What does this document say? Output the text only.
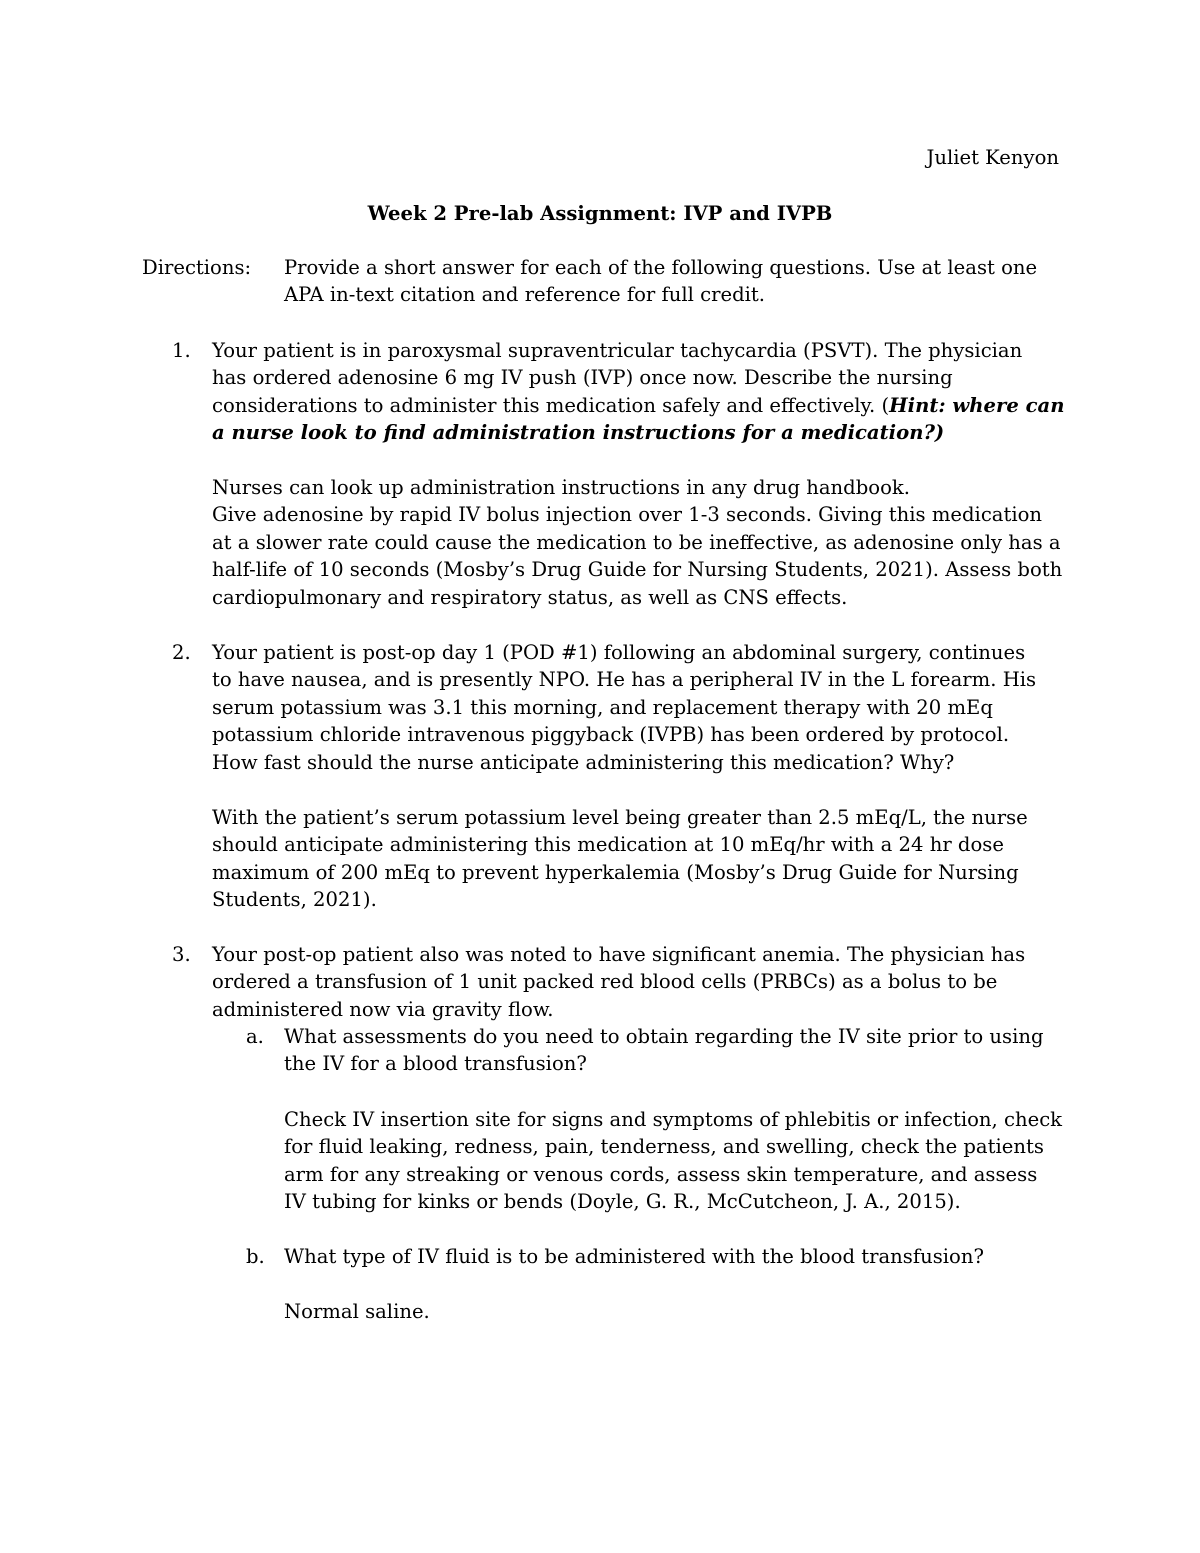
Juliet Kenyon
Week 2 Pre-lab Assignment: IVP and IVPB
Directions: Provide a short answer for each of the following questions. Use at least one
APA in-text citation and reference for full credit.
1. Your patient is in paroxysmal supraventricular tachycardia (PSVT). The physician
has ordered adenosine 6 mg IV push (IVP) once now. Describe the nursing
considerations to administer this medication safely and effectively. (Hint: where can
a nurse look to find administration instructions for a medication?)
Nurses can look up administration instructions in any drug handbook.
Give adenosine by rapid IV bolus injection over 1-3 seconds. Giving this medication
at a slower rate could cause the medication to be ineffective, as adenosine only has a
half-life of 10 seconds (Mosby’s Drug Guide for Nursing Students, 2021). Assess both
cardiopulmonary and respiratory status, as well as CNS effects.
2. Your patient is post-op day 1 (POD #1) following an abdominal surgery, continues
to have nausea, and is presently NPO. He has a peripheral IV in the L forearm. His
serum potassium was 3.1 this morning, and replacement therapy with 20 mEq
potassium chloride intravenous piggyback (IVPB) has been ordered by protocol.
How fast should the nurse anticipate administering this medication? Why?
With the patient’s serum potassium level being greater than 2.5 mEq/L, the nurse
should anticipate administering this medication at 10 mEq/hr with a 24 hr dose
maximum of 200 mEq to prevent hyperkalemia (Mosby’s Drug Guide for Nursing
Students, 2021).
3. Your post-op patient also was noted to have significant anemia. The physician has
ordered a transfusion of 1 unit packed red blood cells (PRBCs) as a bolus to be
administered now via gravity flow.
a. What assessments do you need to obtain regarding the IV site prior to using
the IV for a blood transfusion?
Check IV insertion site for signs and symptoms of phlebitis or infection, check
for fluid leaking, redness, pain, tenderness, and swelling, check the patients
arm for any streaking or venous cords, assess skin temperature, and assess
IV tubing for kinks or bends (Doyle, G. R., McCutcheon, J. A., 2015).
b. What type of IV fluid is to be administered with the blood transfusion?
Normal saline.
